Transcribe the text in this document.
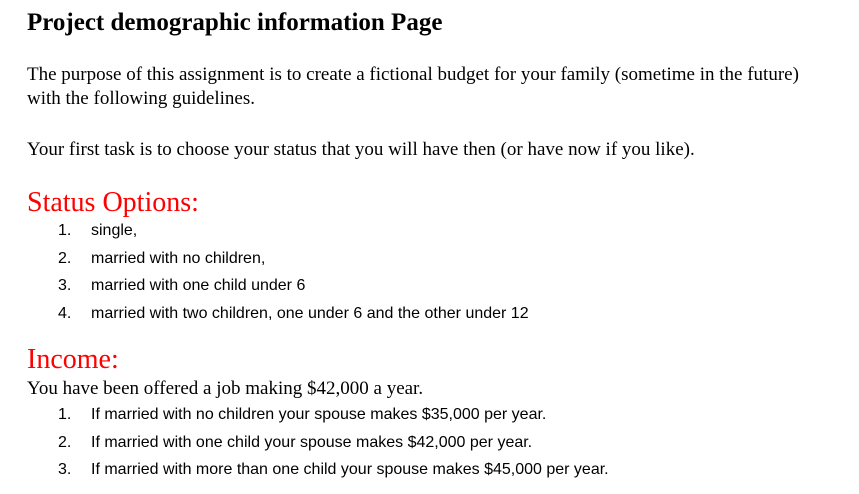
Project demographic information Page

The purpose of this assignment is to create a fictional budget for your family (sometime in the future) with the following guidelines.

Your first task is to choose your status that you will have then (or have now if you like).

Status Options:
1. single,
2. married with no children,
3. married with one child under 6
4. married with two children, one under 6 and the other under 12
Income:

You have been offered a job making $42,000 a year.

1. If married with no children your spouse makes $35,000 per year.
2. If married with one child your spouse makes $42,000 per year.
3. If married with more than one child your spouse makes $45,000 per year.
